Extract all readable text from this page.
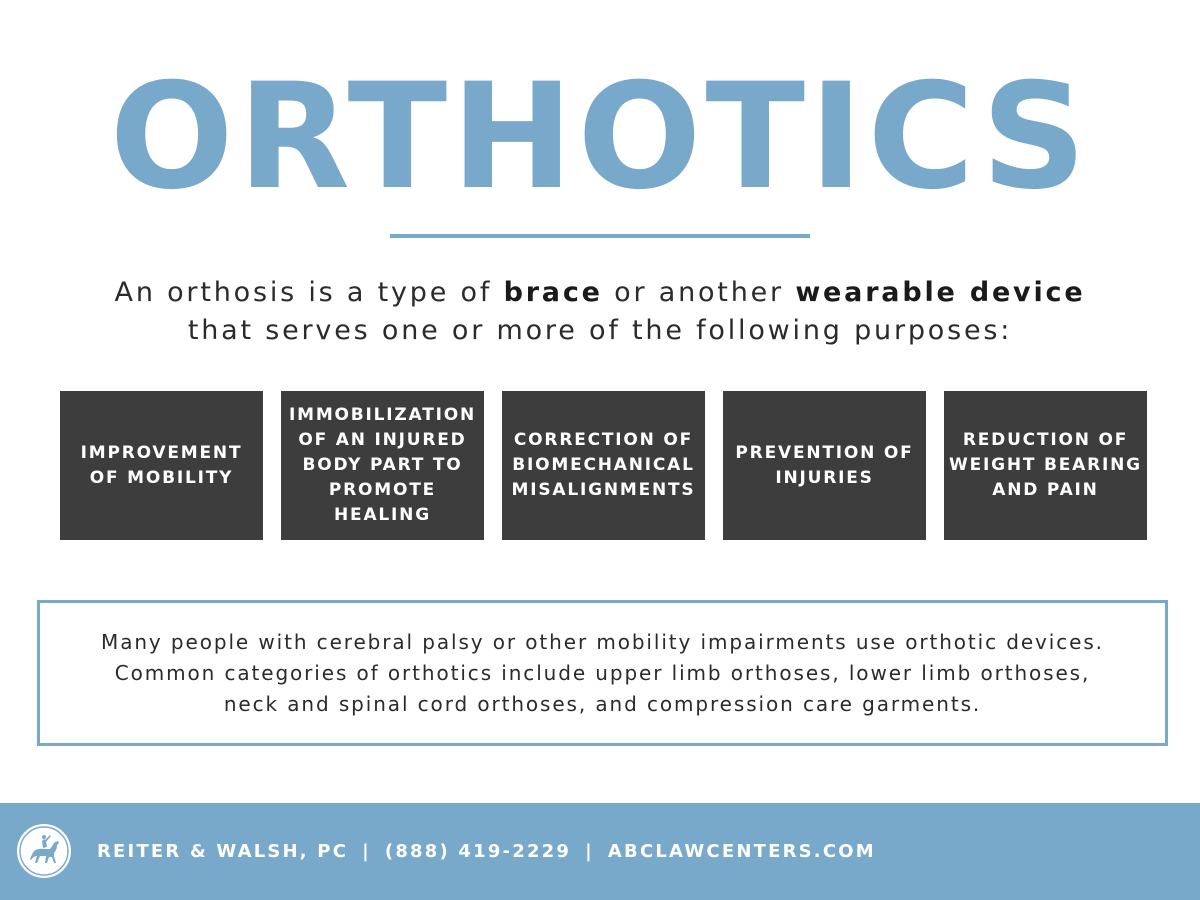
ORTHOTICS
An orthosis is a type of brace or another wearable device
that serves one or more of the following purposes:
IMPROVEMENT OF MOBILITY
IMMOBILIZATION OF AN INJURED BODY PART TO PROMOTE HEALING
CORRECTION OF BIOMECHANICAL MISALIGNMENTS
PREVENTION OF INJURIES
REDUCTION OF WEIGHT BEARING AND PAIN

Many people with cerebral palsy or other mobility impairments use orthotic devices.
Common categories of orthotics include upper limb orthoses, lower limb orthoses,
neck and spinal cord orthoses, and compression care garments.

REITER & WALSH, PC | (888) 419-2229 | ABCLAWCENTERS.COM
